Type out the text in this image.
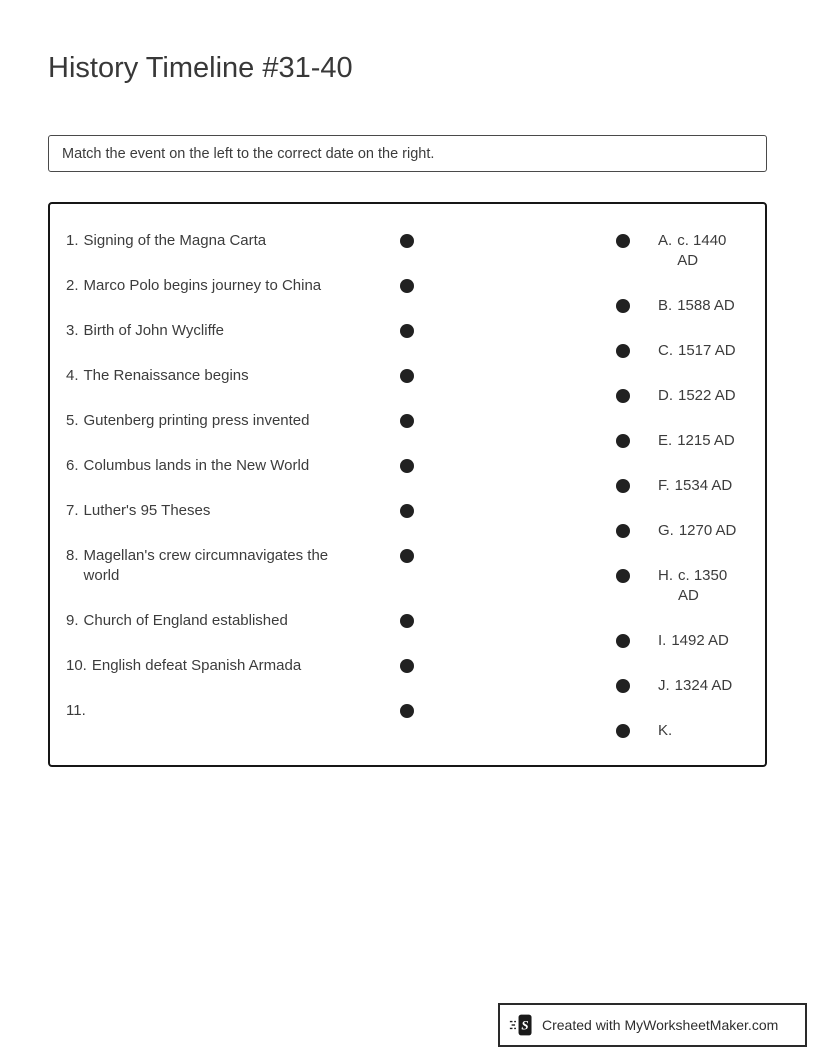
History Timeline #31-40
Match the event on the left to the correct date on the right.
1. Signing of the Magna Carta
2. Marco Polo begins journey to China
3. Birth of John Wycliffe
4. The Renaissance begins
5. Gutenberg printing press invented
6. Columbus lands in the New World
7. Luther's 95 Theses
8. Magellan's crew circumnavigates the world
9. Church of England established
10. English defeat Spanish Armada
11.
A. c. 1440 AD
B. 1588 AD
C. 1517 AD
D. 1522 AD
E. 1215 AD
F. 1534 AD
G. 1270 AD
H. c. 1350 AD
I. 1492 AD
J. 1324 AD
K.
S Created with MyWorksheetMaker.com
